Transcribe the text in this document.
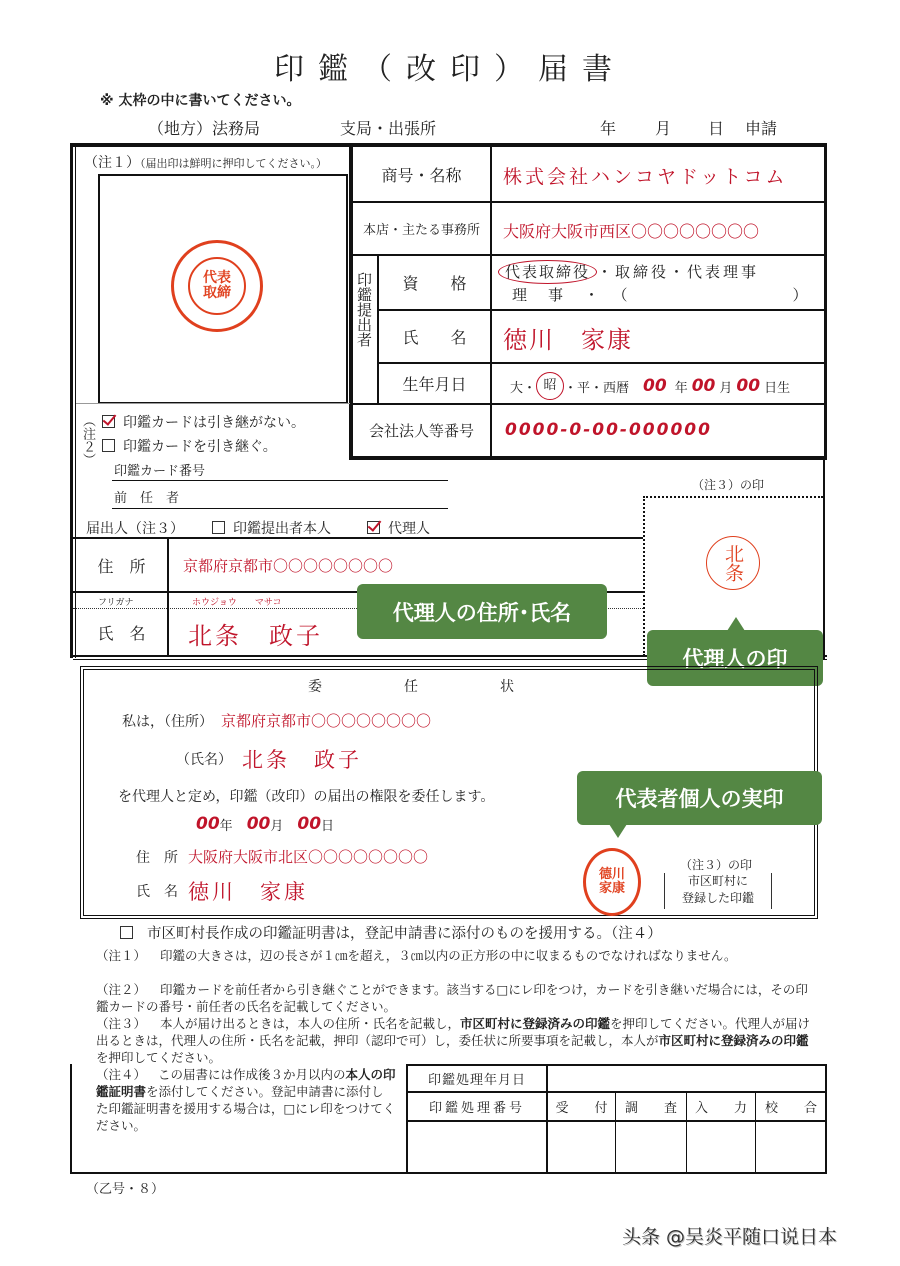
印鑑（改印）届書
※ 太枠の中に書いてください。
（地方）法務局	支局・出張所	年 月 日 申請
（注１）（届出印は鮮明に押印してください。）
代表
取締
商号・名称	株式会社ハンコヤドットコム
本店・主たる事務所	大阪府大阪市西区〇〇〇〇〇〇〇〇
印鑑提出者	資　　格
代表取締役 ・取締役・代表理事
理　事　・　（　　　　　　　　　）
氏　　名	徳川　家康
生年月日	大・ 昭 ・平・西暦 00 年 00 月 00 日生
会社法人等番号	0000-0-00-000000
（注２）	印鑑カードは引き継がない。
印鑑カードを引き継ぐ。
印鑑カード番号
前　任　者
届出人（注３）	印鑑提出者本人	代理人
住　所	京都府京都市〇〇〇〇〇〇〇〇
フリガナ	ホウジョウ　　マサコ
氏　名	北条　政子
（注３）の印
北条
代理人の住所･氏名
代理人の印
委　　任　　状
私は，（住所） 京都府京都市〇〇〇〇〇〇〇〇
（氏名） 北条　政子
を代理人と定め，印鑑（改印）の届出の権限を委任します。
00 年 00 月 00 日
住　所 大阪府大阪市北区〇〇〇〇〇〇〇〇
氏　名 徳川　家康
德川
家康
（注３）の印
市区町村に
登録した印鑑
代表者個人の実印
市区町村長作成の印鑑証明書は，登記申請書に添付のものを援用する。（注４）
（注１） 印鑑の大きさは，辺の長さが１㎝を超え，３㎝以内の正方形の中に収まるものでなければなりません。
（注２） 印鑑カードを前任者から引き継ぐことができます。該当する□にレ印をつけ，カードを引き継いだ場合には，その印鑑カードの番号・前任者の氏名を記載してください。
（注３） 本人が届け出るときは，本人の住所・氏名を記載し，市区町村に登録済みの印鑑を押印してください。代理人が届け出るときは，代理人の住所・氏名を記載，押印（認印で可）し，委任状に所要事項を記載し，本人が市区町村に登録済みの印鑑を押印してください。
（注４） この届書には作成後３か月以内の本人の印鑑証明書を添付してください。登記申請書に添付した印鑑証明書を援用する場合は，□にレ印をつけてください。
印鑑処理年月日
印鑑処理番号	受　　付	調　　査	入　　力	校　　合
（乙号・８）
头条 @吴炎平随口说日本
